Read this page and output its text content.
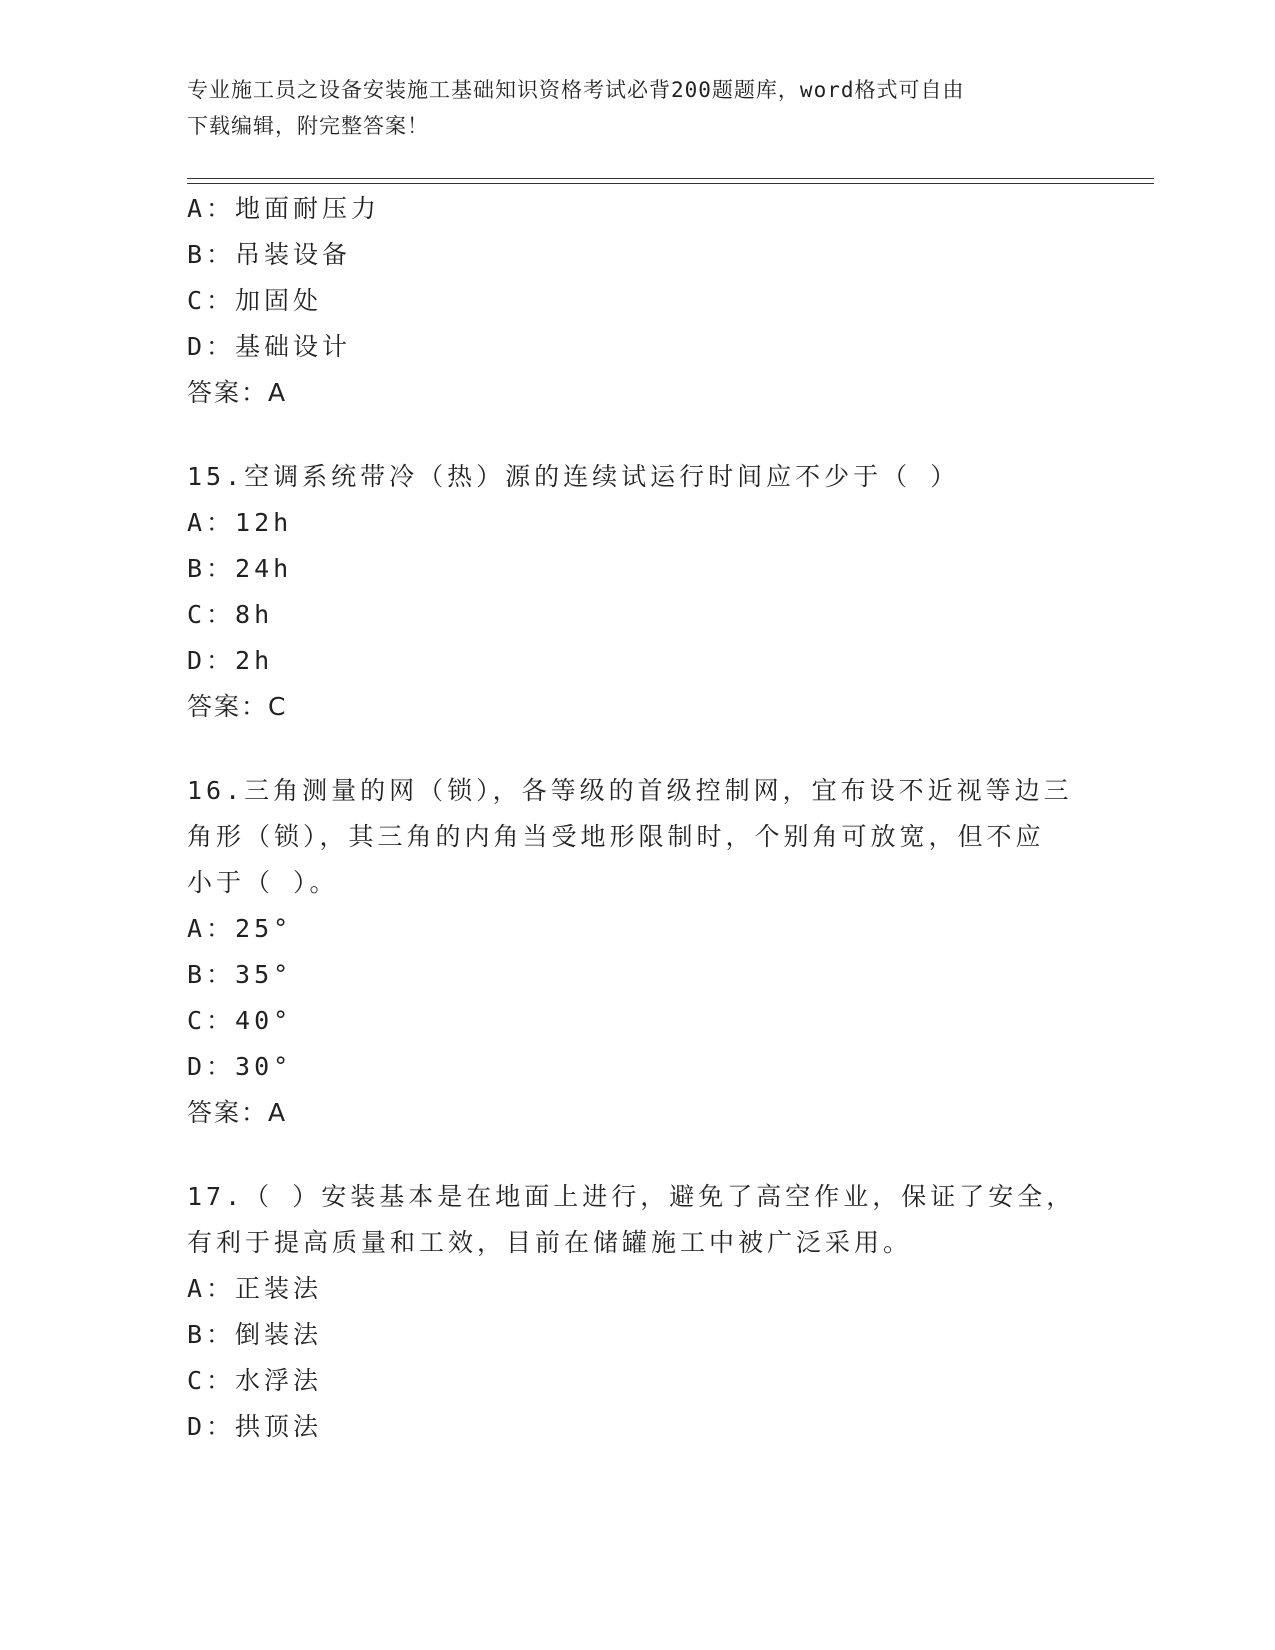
专业施工员之设备安装施工基础知识资格考试必背200题题库，word格式可自由
下载编辑，附完整答案！
A：地面耐压力
B：吊装设备
C：加固处
D：基础设计
答案：A
15.空调系统带冷（热）源的连续试运行时间应不少于（ ）
A：12h
B：24h
C：8h
D：2h
答案：C
16.三角测量的网（锁），各等级的首级控制网，宜布设不近视等边三
角形（锁），其三角的内角当受地形限制时，个别角可放宽，但不应
小于（ ）。
A：25°
B：35°
C：40°
D：30°
答案：A
17.（ ）安装基本是在地面上进行，避免了高空作业，保证了安全，
有利于提高质量和工效，目前在储罐施工中被广泛采用。
A：正装法
B：倒装法
C：水浮法
D：拱顶法
